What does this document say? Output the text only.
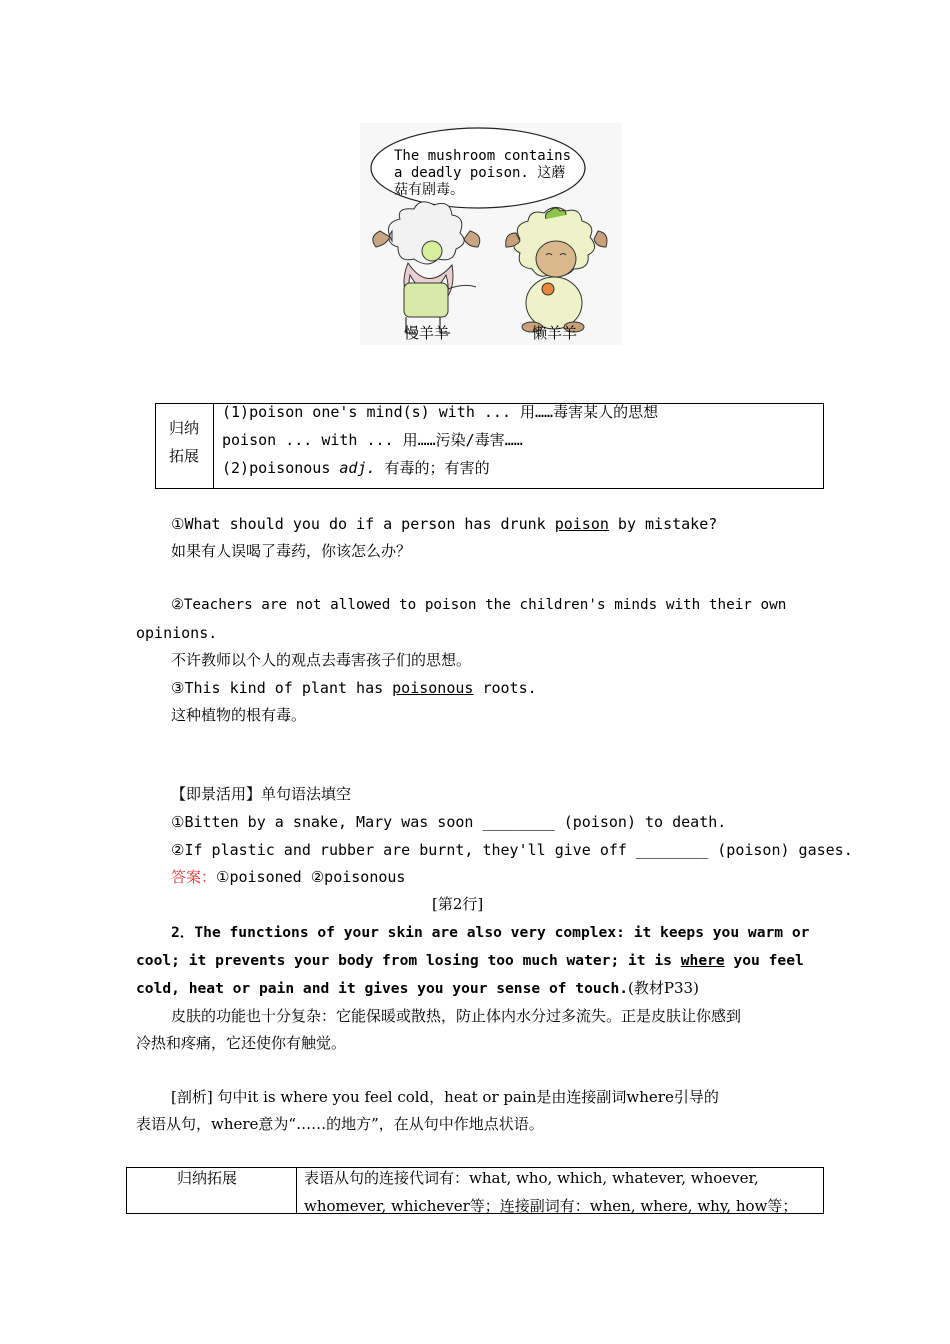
The mushroom contains
a deadly poison. 这蘑
菇有剧毒。
慢羊羊	懒羊羊
归纳
拓展
(1)poison one's mind(s) with ... 用……毒害某人的思想
poison ... with ... 用……污染/毒害……
(2)poisonous adj. 有毒的；有害的
①What should you do if a person has drunk poison by mistake?
如果有人误喝了毒药，你该怎么办？
②Teachers are not allowed to poison the children's minds with their own
opinions.
不许教师以个人的观点去毒害孩子们的思想。
③This kind of plant has poisonous roots.
这种植物的根有毒。
【即景活用】单句语法填空
①Bitten by a snake, Mary was soon ________ (poison) to death.
②If plastic and rubber are burnt, they'll give off ________ (poison) gases.
答案：①poisoned ②poisonous
[第2行]
2．The functions of your skin are also very complex: it keeps you warm or
cool; it prevents your body from losing too much water; it is where you feel
cold, heat or pain and it gives you your sense of touch.(教材P33)
皮肤的功能也十分复杂：它能保暖或散热，防止体内水分过多流失。正是皮肤让你感到
冷热和疼痛，它还使你有触觉。
[剖析] 句中it is where you feel cold，heat or pain是由连接副词where引导的
表语从句，where意为“……的地方”，在从句中作地点状语。
归纳拓展	表语从句的连接代词有：what, who, which, whatever, whoever,
whomever, whichever等；连接副词有：when, where, why, how等；
